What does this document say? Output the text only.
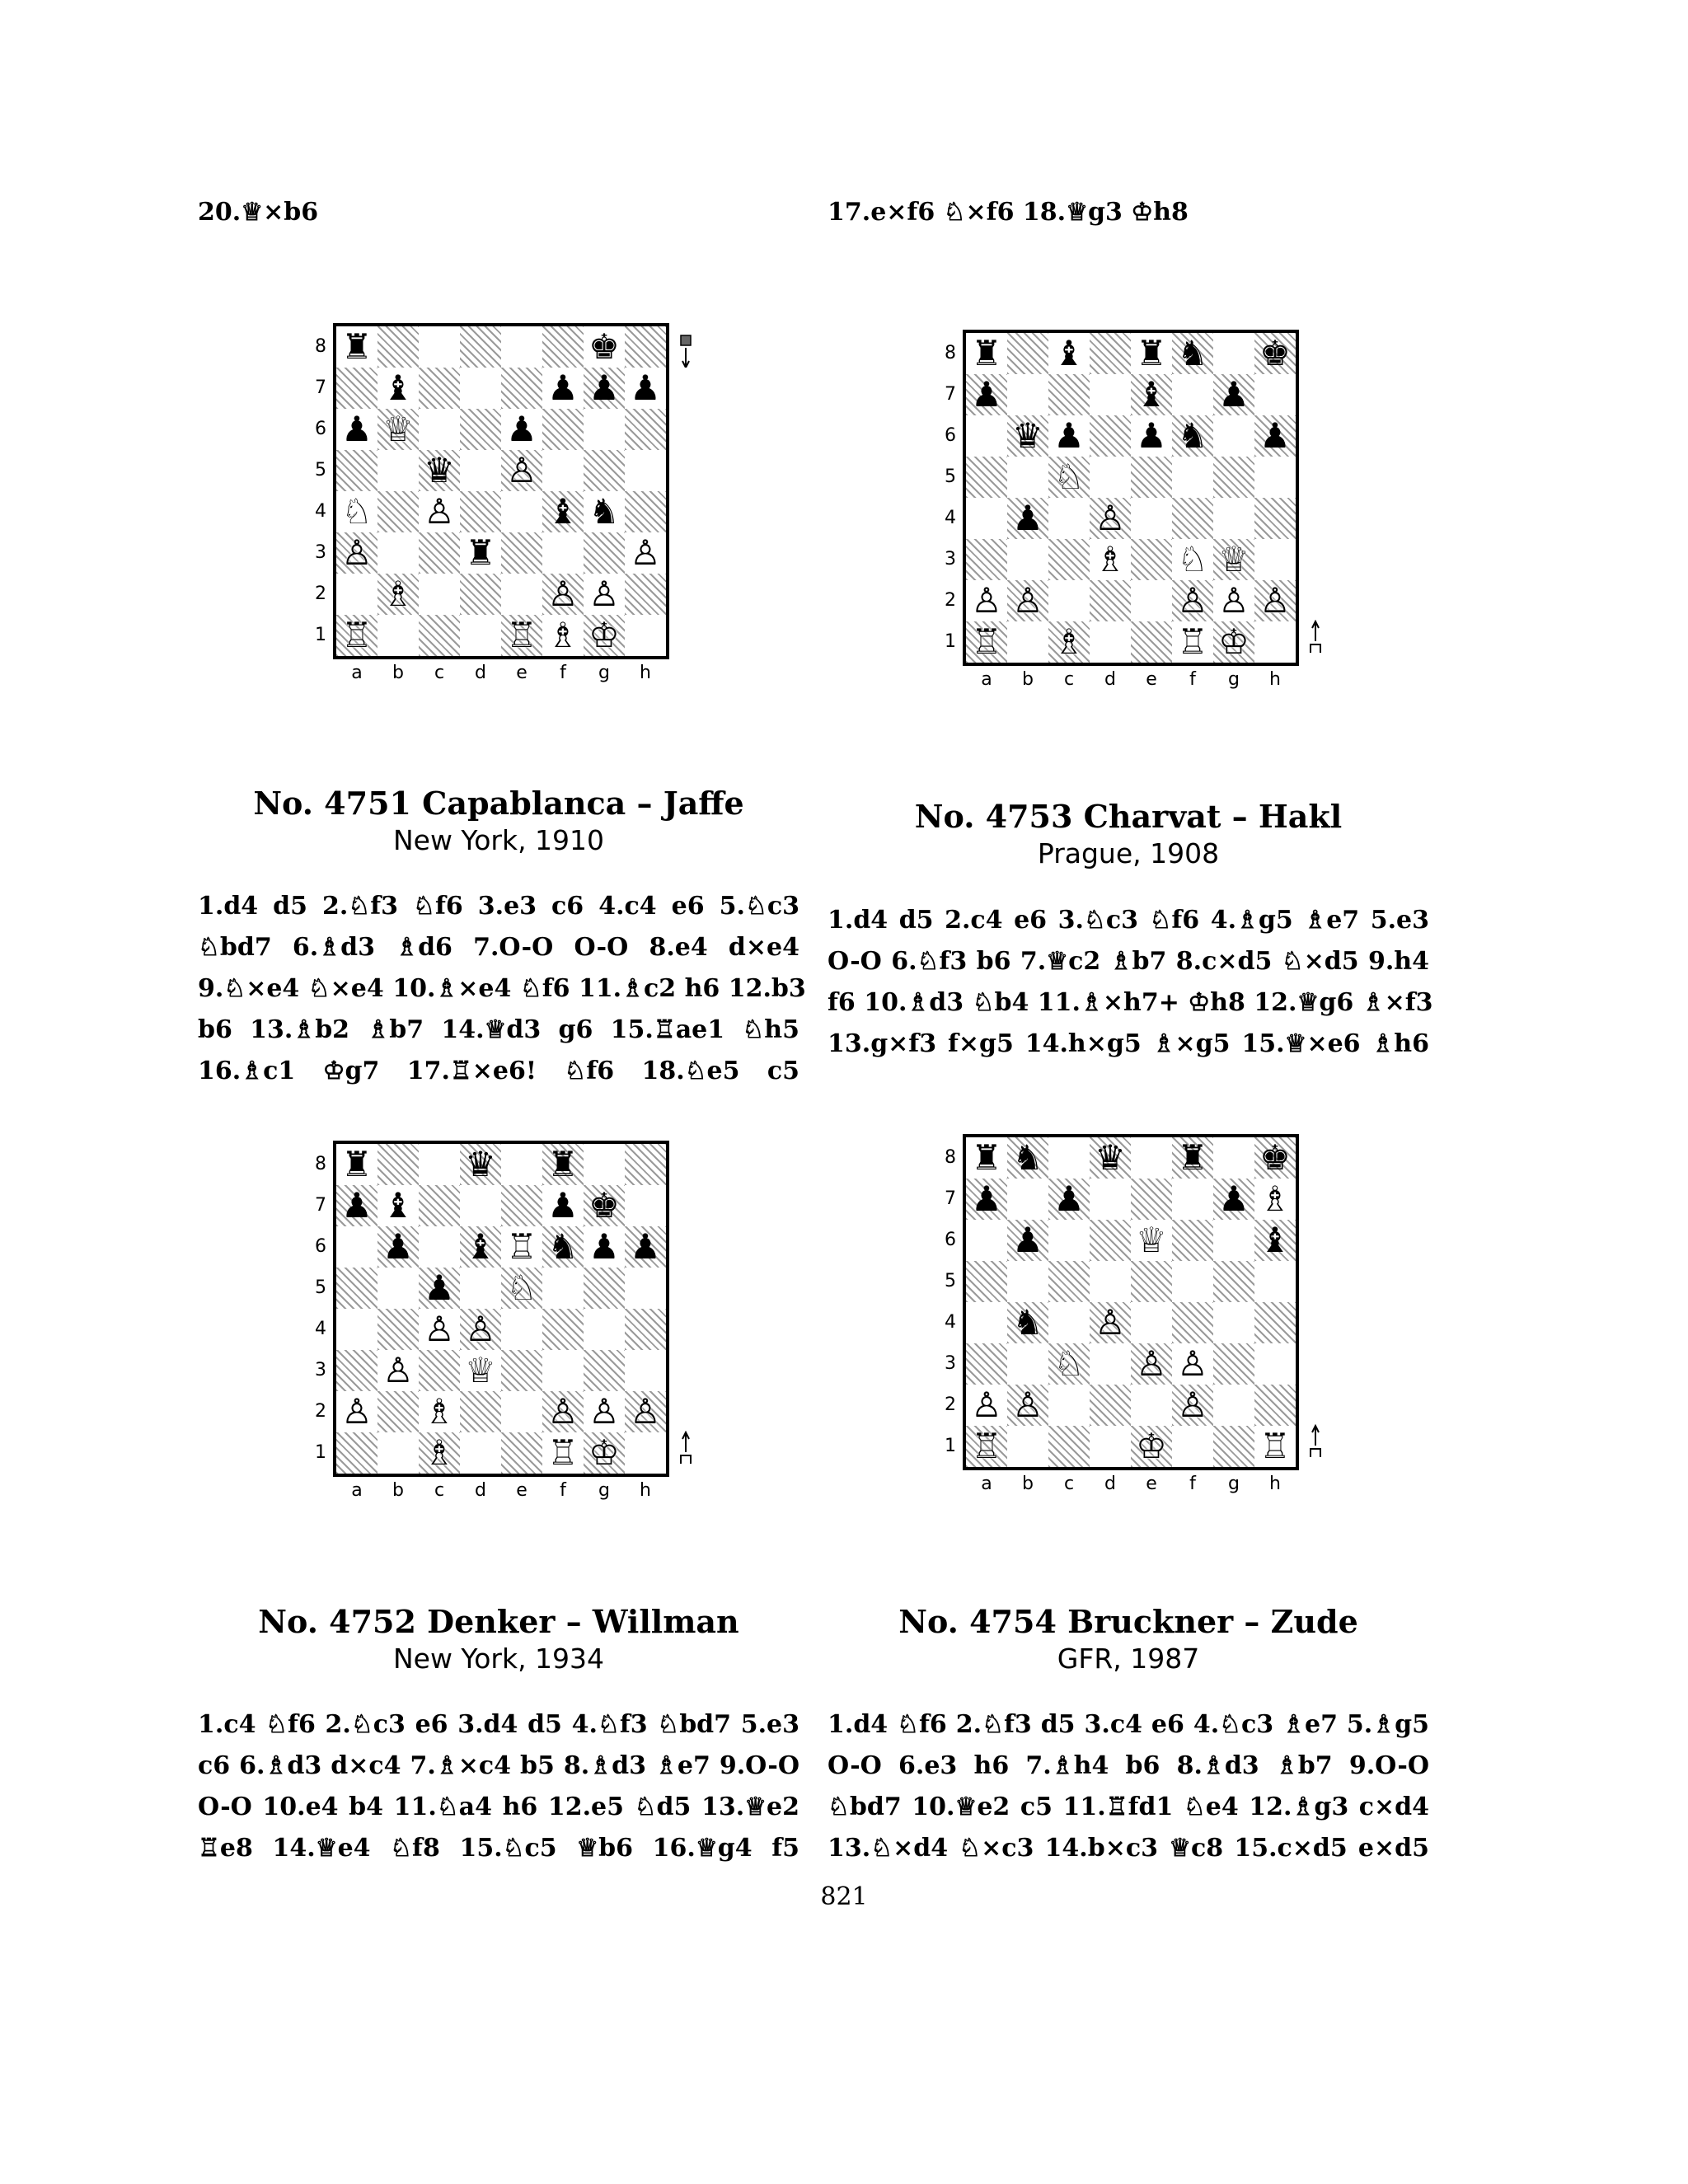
20.♕×b6
No. 4751 Capablanca – Jaffe
New York, 1910
1.d4 d5 2.♘f3 ♘f6 3.e3 c6 4.c4 e6 5.♘c3
♘bd7 6.♗d3 ♗d6 7.O-O O-O 8.e4 d×e4
9.♘×e4 ♘×e4 10.♗×e4 ♘f6 11.♗c2 h6 12.b3
b6 13.♗b2 ♗b7 14.♕d3 g6 15.♖ae1 ♘h5
16.♗c1 ♔g7 17.♖×e6! ♘f6 18.♘e5 c5
17.e×f6 ♘×f6 18.♕g3 ♔h8
No. 4753 Charvat – Hakl
Prague, 1908
1.d4 d5 2.c4 e6 3.♘c3 ♘f6 4.♗g5 ♗e7 5.e3
O-O 6.♘f3 b6 7.♕c2 ♗b7 8.c×d5 ♘×d5 9.h4
f6 10.♗d3 ♘b4 11.♗×h7+ ♔h8 12.♕g6 ♗×f3
13.g×f3 f×g5 14.h×g5 ♗×g5 15.♕×e6 ♗h6
No. 4752 Denker – Willman
New York, 1934
1.c4 ♘f6 2.♘c3 e6 3.d4 d5 4.♘f3 ♘bd7 5.e3
c6 6.♗d3 d×c4 7.♗×c4 b5 8.♗d3 ♗e7 9.O-O
O-O 10.e4 b4 11.♘a4 h6 12.e5 ♘d5 13.♕e2
♖e8 14.♕e4 ♘f8 15.♘c5 ♕b6 16.♕g4 f5
No. 4754 Bruckner – Zude
GFR, 1987
1.d4 ♘f6 2.♘f3 d5 3.c4 e6 4.♘c3 ♗e7 5.♗g5
O-O 6.e3 h6 7.♗h4 b6 8.♗d3 ♗b7 9.O-O
♘bd7 10.♕e2 c5 11.♖fd1 ♘e4 12.♗g3 c×d4
13.♘×d4 ♘×c3 14.b×c3 ♕c8 15.c×d5 e×d5
821
♜	♚
♝	♟ ♟ ♟
♟ ♕	♟
♛ ♙
♘ ♙	♝ ♞
♙	♜	♙
♗	♙ ♙
♖	♖ ♗ ♔
8
7
6
5
4
3
2
1
a	b	c	d	e	f	g	h
♜ ♝ ♜ ♞ ♚
♟	♝ ♟
♛ ♟ ♟ ♞ ♟
♘
♟ ♙
♗ ♘ ♕
♙ ♙	♙ ♙ ♙
♖ ♗	♖ ♔
8
7
6
5
4
3
2
1
a	b	c	d	e	f	g	h
♜	♛ ♜
♟ ♝	♟ ♚
♟ ♝ ♖ ♞ ♟ ♟
♟ ♘
♙ ♙
♙ ♕
♙ ♗	♙ ♙ ♙
♗	♖ ♔
8
7
6
5
4
3
2
1
a	b	c	d	e	f	g	h
♜ ♞ ♛ ♜ ♚
♟ ♟	♟ ♗
♟	♕	♝
♞ ♙
♘ ♙ ♙
♙ ♙	♙
♖	♔	♖
8
7
6
5
4
3
2
1
a	b	c	d	e	f	g	h
